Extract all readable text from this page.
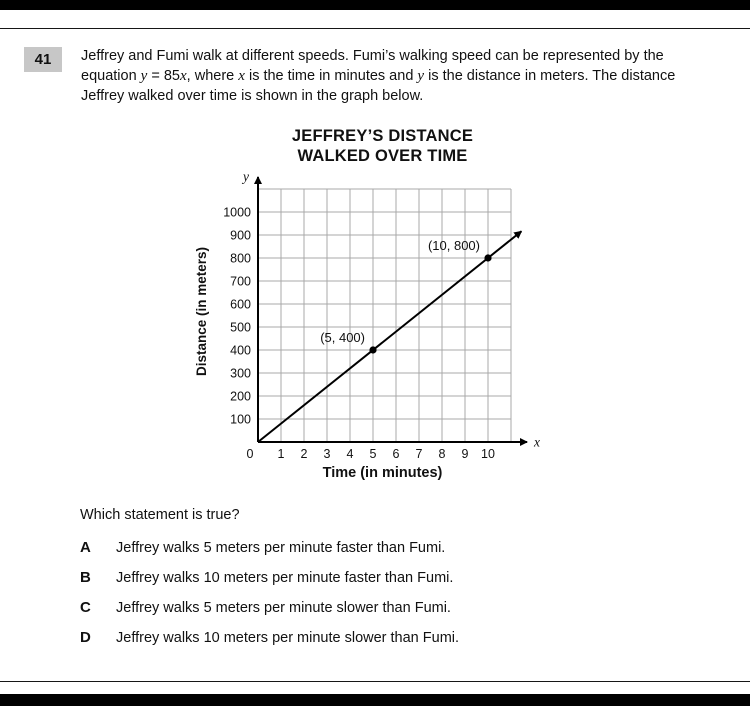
41	Jeffrey and Fumi walk at different speeds. Fumi’s walking speed can be represented by the equation y = 85x, where x is the time in minutes and y is the distance in meters. The distance Jeffrey walked over time is shown in the graph below.
JEFFREY’S DISTANCE
WALKED OVER TIME
Distance (in meters)
y
x
100
200
300
400
500
600
700
800
900
1000
0 1 2 3 4 5 6 7 8 9 10
(5, 400)
(10, 800)
Time (in minutes)
Which statement is true?
A	Jeffrey walks 5 meters per minute faster than Fumi.
B	Jeffrey walks 10 meters per minute faster than Fumi.
C	Jeffrey walks 5 meters per minute slower than Fumi.
D	Jeffrey walks 10 meters per minute slower than Fumi.
